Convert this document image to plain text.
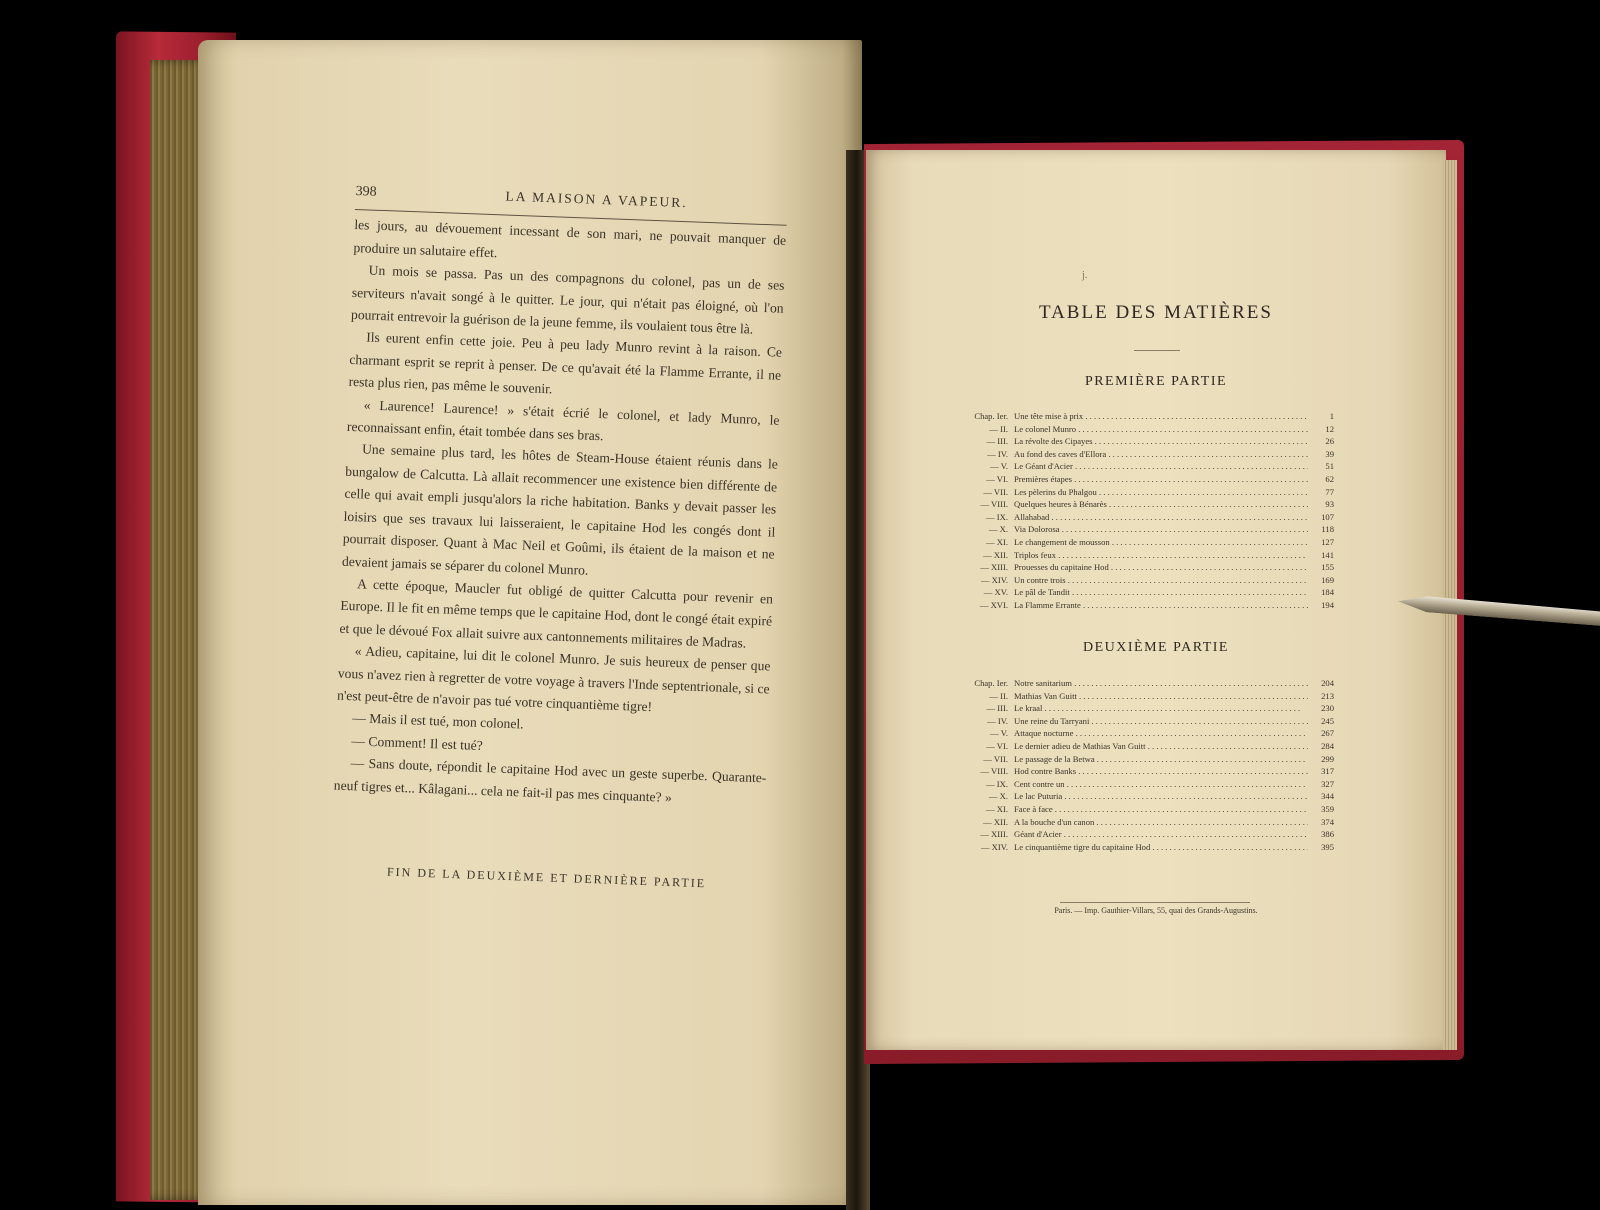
398	LA MAISON A VAPEUR.

les jours, au dévouement incessant de son mari, ne pouvait manquer de produire un salutaire effet.

Un mois se passa. Pas un des compagnons du colonel, pas un de ses serviteurs n'avait songé à le quitter. Le jour, qui n'était pas éloigné, où l'on pourrait entrevoir la guérison de la jeune femme, ils voulaient tous être là.

Ils eurent enfin cette joie. Peu à peu lady Munro revint à la raison. Ce charmant esprit se reprit à penser. De ce qu'avait été la Flamme Errante, il ne resta plus rien, pas même le souvenir.

« Laurence! Laurence! » s'était écrié le colonel, et lady Munro, le reconnaissant enfin, était tombée dans ses bras.

Une semaine plus tard, les hôtes de Steam-House étaient réunis dans le bungalow de Calcutta. Là allait recommencer une existence bien différente de celle qui avait empli jusqu'alors la riche habitation. Banks y devait passer les loisirs que ses travaux lui laisseraient, le capitaine Hod les congés dont il pourrait disposer. Quant à Mac Neil et Goûmi, ils étaient de la maison et ne devaient jamais se séparer du colonel Munro.

A cette époque, Maucler fut obligé de quitter Calcutta pour revenir en Europe. Il le fit en même temps que le capitaine Hod, dont le congé était expiré et que le dévoué Fox allait suivre aux cantonnements militaires de Madras.

« Adieu, capitaine, lui dit le colonel Munro. Je suis heureux de penser que vous n'avez rien à regretter de votre voyage à travers l'Inde septentrionale, si ce n'est peut-être de n'avoir pas tué votre cinquantième tigre!

— Mais il est tué, mon colonel.

— Comment! Il est tué?

— Sans doute, répondit le capitaine Hod avec un geste superbe. Quarante-neuf tigres et... Kâlagani... cela ne fait-il pas mes cinquante? »

FIN DE LA DEUXIÈME ET DERNIÈRE PARTIE
j.
TABLE DES MATIÈRES
PREMIÈRE PARTIE
Chap. Ier. Une tête mise à prix . . .	1
— II. Le colonel Munro . . .	12
— III. La révolte des Cipayes . . .	26
— IV. Au fond des caves d'Ellora . . .	39
— V. Le Géant d'Acier . . .	51
— VI. Premières étapes . . .	62
— VII. Les pèlerins du Phalgou . . .	77
— VIII. Quelques heures à Bénarès . . .	93
— IX. Allahabad . . .	107
— X. Via Dolorosa . . .	118
— XI. Le changement de mousson . . .	127
— XII. Triplos feux . . .	141
— XIII. Prouesses du capitaine Hod . . .	155
— XIV. Un contre trois . . .	169
— XV. Le pâl de Tandit . . .	184
— XVI. La Flamme Errante . . .	194
DEUXIÈME PARTIE
Chap. Ier. Notre sanitarium . . .	204
— II. Mathias Van Guitt . . .	213
— III. Le kraal . . .	230
— IV. Une reine du Tarryani . . .	245
— V. Attaque nocturne . . .	267
— VI. Le dernier adieu de Mathias Van Guitt . . .	284
— VII. Le passage de la Betwa . . .	299
— VIII. Hod contre Banks . . .	317
— IX. Cent contre un . . .	327
— X. Le lac Puturia . . .	344
— XI. Face à face . . .	359
— XII. A la bouche d'un canon . . .	374
— XIII. Géant d'Acier . . .	386
— XIV. Le cinquantième tigre du capitaine Hod . . .	395
Paris. — Imp. Gauthier-Villars, 55, quai des Grands-Augustins.
